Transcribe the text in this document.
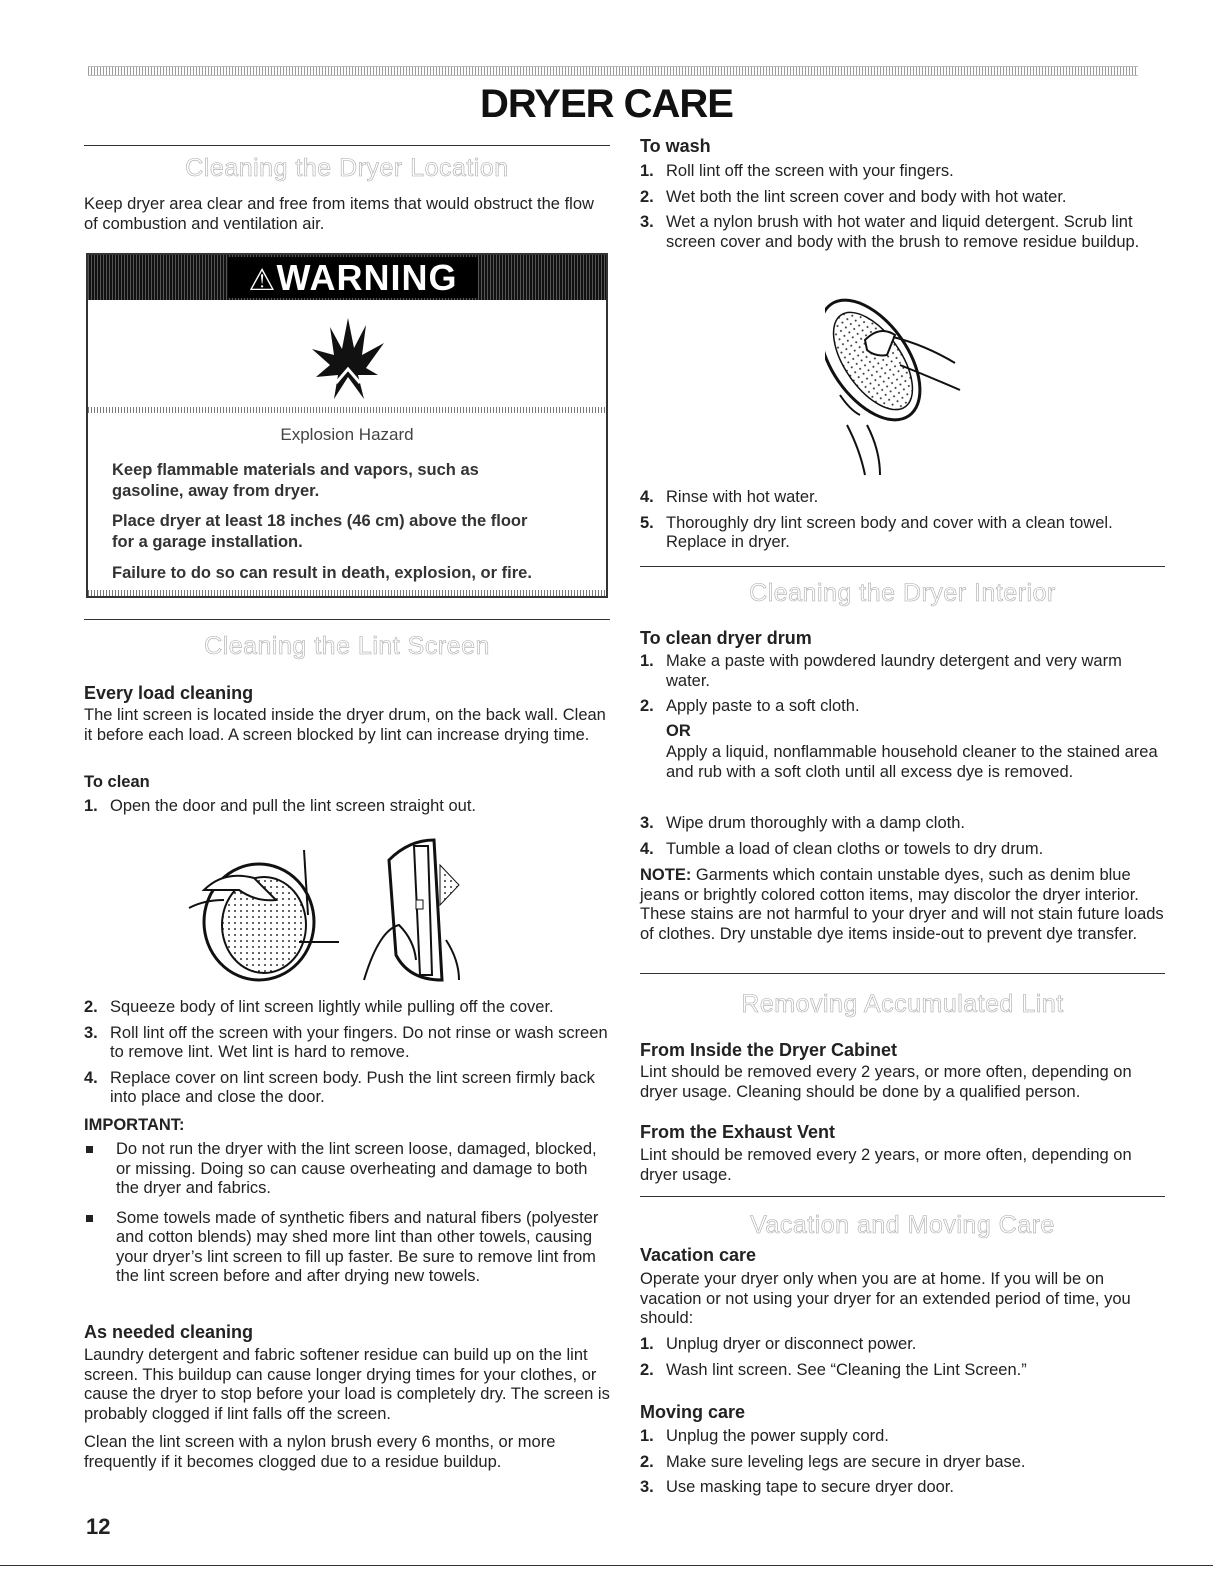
DRYER CARE
Cleaning the Dryer Location

Keep dryer area clear and free from items that would obstruct the flow of combustion and ventilation air.

⚠WARNING
Explosion Hazard
Keep flammable materials and vapors, such as
gasoline, away from dryer.
Place dryer at least 18 inches (46 cm) above the floor
for a garage installation.
Failure to do so can result in death, explosion, or fire.
Cleaning the Lint Screen
Every load cleaning

The lint screen is located inside the dryer drum, on the back wall. Clean it before each load. A screen blocked by lint can increase drying time.

To clean
1. Open the door and pull the lint screen straight out.
2. Squeeze body of lint screen lightly while pulling off the cover.
3. Roll lint off the screen with your fingers. Do not rinse or wash screen to remove lint. Wet lint is hard to remove.
4. Replace cover on lint screen body. Push the lint screen firmly back into place and close the door.
IMPORTANT:
Do not run the dryer with the lint screen loose, damaged, blocked, or missing. Doing so can cause overheating and damage to both the dryer and fabrics.
Some towels made of synthetic fibers and natural fibers (polyester and cotton blends) may shed more lint than other towels, causing your dryer’s lint screen to fill up faster. Be sure to remove lint from the lint screen before and after drying new towels.
As needed cleaning

Laundry detergent and fabric softener residue can build up on the lint screen. This buildup can cause longer drying times for your clothes, or cause the dryer to stop before your load is completely dry. The screen is probably clogged if lint falls off the screen.

Clean the lint screen with a nylon brush every 6 months, or more frequently if it becomes clogged due to a residue buildup.

To wash
1. Roll lint off the screen with your fingers.
2. Wet both the lint screen cover and body with hot water.
3. Wet a nylon brush with hot water and liquid detergent. Scrub lint screen cover and body with the brush to remove residue buildup.
4. Rinse with hot water.
5. Thoroughly dry lint screen body and cover with a clean towel. Replace in dryer.
Cleaning the Dryer Interior
To clean dryer drum
1. Make a paste with powdered laundry detergent and very warm water.
2. Apply paste to a soft cloth.
OR

Apply a liquid, nonflammable household cleaner to the stained area and rub with a soft cloth until all excess dye is removed.

3. Wipe drum thoroughly with a damp cloth.
4. Tumble a load of clean cloths or towels to dry drum.

NOTE: Garments which contain unstable dyes, such as denim blue jeans or brightly colored cotton items, may discolor the dryer interior. These stains are not harmful to your dryer and will not stain future loads of clothes. Dry unstable dye items inside-out to prevent dye transfer.

Removing Accumulated Lint
From Inside the Dryer Cabinet

Lint should be removed every 2 years, or more often, depending on dryer usage. Cleaning should be done by a qualified person.

From the Exhaust Vent

Lint should be removed every 2 years, or more often, depending on dryer usage.

Vacation and Moving Care
Vacation care

Operate your dryer only when you are at home. If you will be on vacation or not using your dryer for an extended period of time, you should:

1. Unplug dryer or disconnect power.
2. Wash lint screen. See “Cleaning the Lint Screen.”
Moving care
1. Unplug the power supply cord.
2. Make sure leveling legs are secure in dryer base.
3. Use masking tape to secure dryer door.

12
